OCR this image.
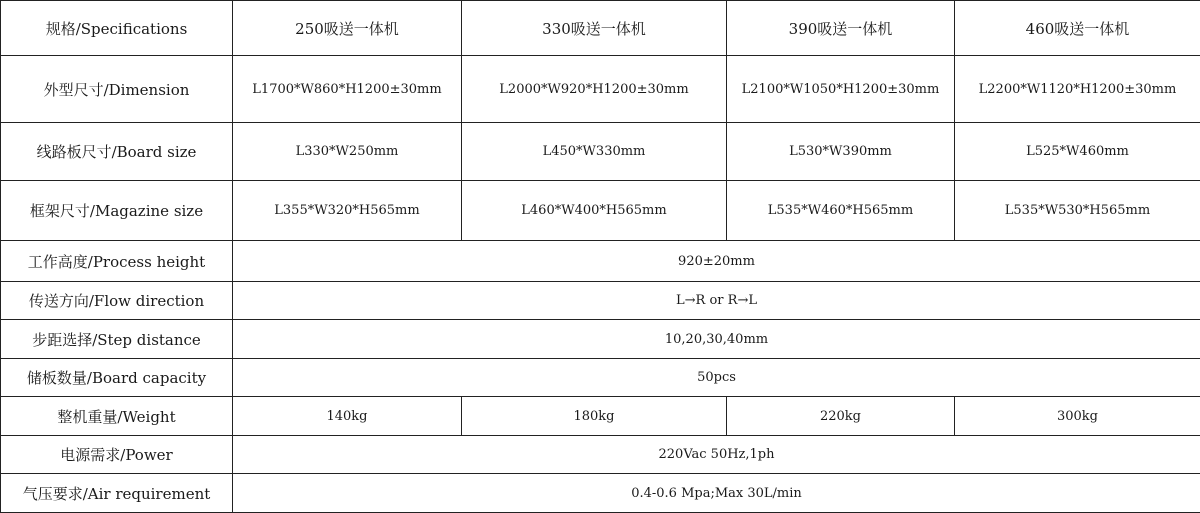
规格/Specifications	250吸送一体机	330吸送一体机	390吸送一体机	460吸送一体机
外型尺寸/Dimension	L1700*W860*H1200±30mm	L2000*W920*H1200±30mm	L2100*W1050*H1200±30mm	L2200*W1120*H1200±30mm
线路板尺寸/Board size	L330*W250mm	L450*W330mm	L530*W390mm	L525*W460mm
框架尺寸/Magazine size	L355*W320*H565mm	L460*W400*H565mm	L535*W460*H565mm	L535*W530*H565mm
工作高度/Process height	920±20mm			
传送方向/Flow direction	L→R or R→L			
步距选择/Step distance	10,20,30,40mm			
储板数量/Board capacity	50pcs			
整机重量/Weight	140kg	180kg	220kg	300kg
电源需求/Power	220Vac 50Hz,1ph			
气压要求/Air requirement	0.4-0.6 Mpa;Max 30L/min			
